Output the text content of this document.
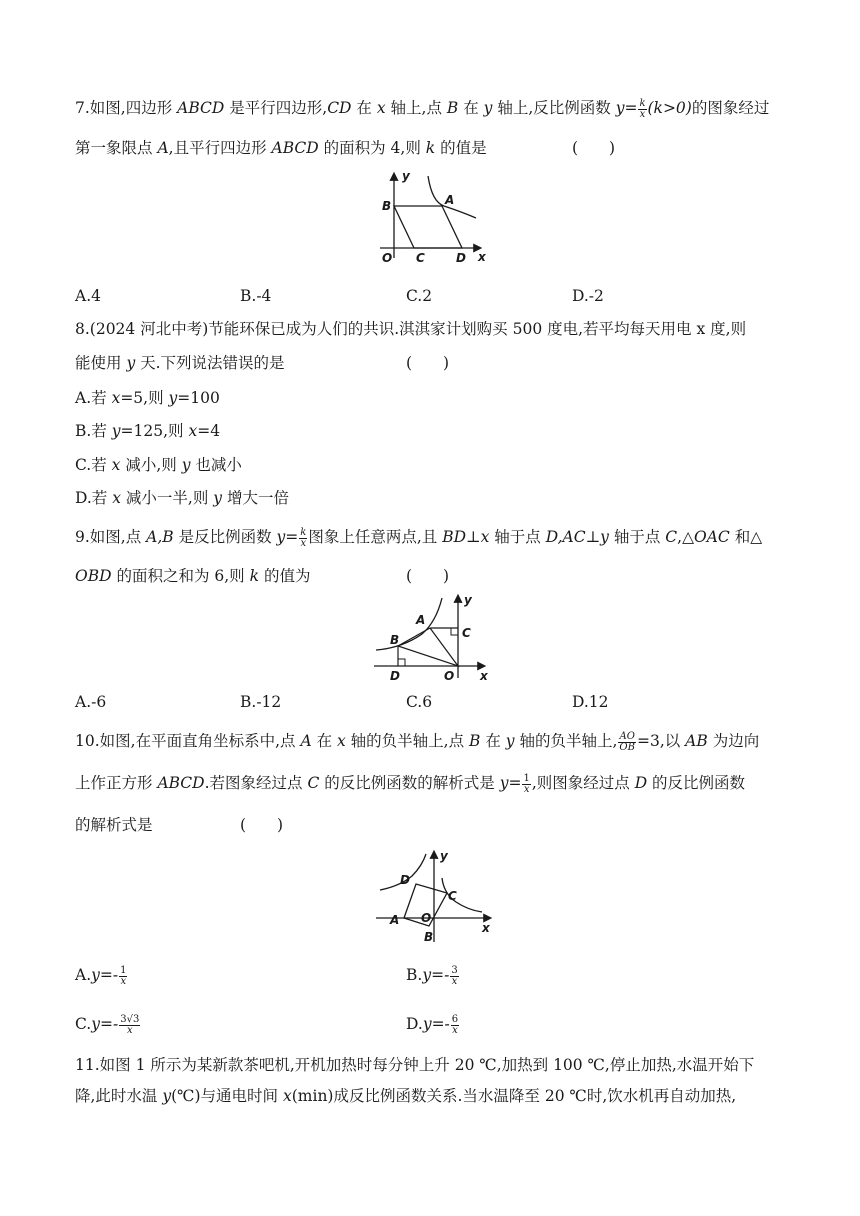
7.如图,四边形 ABCD 是平行四边形,CD 在 x 轴上,点 B 在 y 轴上,反比例函数 $y= \frac{k}{x} (k>0)$的图象经过
第一象限点 A,且平行四边形 ABCD 的面积为 4,则 k 的值是	(　　)
y
x
B	A
O C	D
A.4	B.-4	C.2	D.-2
8.(2024 河北中考)节能环保已成为人们的共识.淇淇家计划购买 500 度电,若平均每天用电 x 度,则
能使用 y 天.下列说法错误的是	(　　)
A.若 x=5,则 y=100
B.若 y=125,则 x=4
C.若 x 减小,则 y 也减小
D.若 x 减小一半,则 y 增大一倍
9.如图,点 A,B 是反比例函数 $y= \frac{k}{x}$ 图象上任意两点,且 BD⊥x 轴于点 D,AC⊥y 轴于点 C,△OAC 和△
OBD 的面积之和为 6,则 k 的值为	(　　)
y
x
A
B	C
D	O
A.-6	B.-12	C.6	D.12
10.如图,在平面直角坐标系中,点 A 在 x 轴的负半轴上,点 B 在 y 轴的负半轴上, $\frac{AO}{OB} =3$,以 AB 为边向
上作正方形 ABCD.若图象经过点 C 的反比例函数的解析式是 $y= \frac{1}{x}$ ,则图象经过点 D 的反比例函数
的解析式是	(　　)
y
x
D
C
A O
B
$A.y=- \frac{1}{x}$	$B.y=- \frac{3}{x}$
$C.y=- \frac{3√3}{x}$	$D.y=- \frac{6}{x}$
11.如图 1 所示为某新款茶吧机,开机加热时每分钟上升 20 ℃,加热到 100 ℃,停止加热,水温开始下
降,此时水温 y(℃)与通电时间 x(min)成反比例函数关系.当水温降至 20 ℃时,饮水机再自动加热,
